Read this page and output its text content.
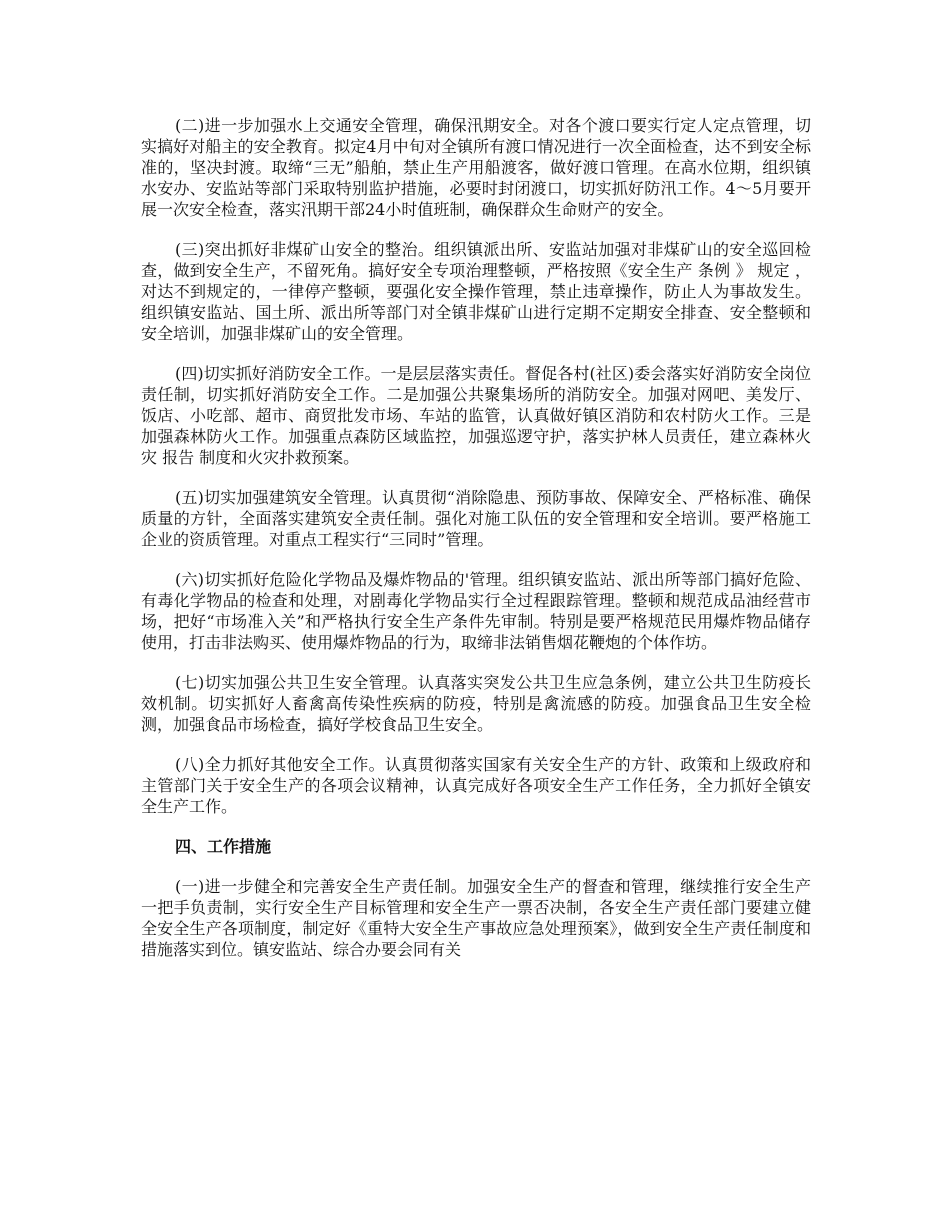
(二)进一步加强水上交通安全管理，确保汛期安全。对各个渡口要实行定人定点管理，切实搞好对船主的安全教育。拟定4月中旬对全镇所有渡口情况进行一次全面检查，达不到安全标准的，坚决封渡。取缔“三无”船舶，禁止生产用船渡客，做好渡口管理。在高水位期，组织镇水安办、安监站等部门采取特别监护措施，必要时封闭渡口，切实抓好防汛工作。4～5月要开展一次安全检查，落实汛期干部24小时值班制，确保群众生命财产的安全。

(三)突出抓好非煤矿山安全的整治。组织镇派出所、安监站加强对非煤矿山的安全巡回检查，做到安全生产，不留死角。搞好安全专项治理整顿，严格按照《安全生产 条例 》 规定 ，对达不到规定的，一律停产整顿，要强化安全操作管理，禁止违章操作，防止人为事故发生。组织镇安监站、国土所、派出所等部门对全镇非煤矿山进行定期不定期安全排查、安全整顿和安全培训，加强非煤矿山的安全管理。

(四)切实抓好消防安全工作。一是层层落实责任。督促各村(社区)委会落实好消防安全岗位责任制，切实抓好消防安全工作。二是加强公共聚集场所的消防安全。加强对网吧、美发厅、饭店、小吃部、超市、商贸批发市场、车站的监管，认真做好镇区消防和农村防火工作。三是加强森林防火工作。加强重点森防区域监控，加强巡逻守护，落实护林人员责任，建立森林火灾 报告 制度和火灾扑救预案。

(五)切实加强建筑安全管理。认真贯彻“消除隐患、预防事故、保障安全、严格标准、确保质量的方针，全面落实建筑安全责任制。强化对施工队伍的安全管理和安全培训。要严格施工企业的资质管理。对重点工程实行“三同时”管理。

(六)切实抓好危险化学物品及爆炸物品的'管理。组织镇安监站、派出所等部门搞好危险、有毒化学物品的检查和处理，对剧毒化学物品实行全过程跟踪管理。整顿和规范成品油经营市场，把好“市场准入关”和严格执行安全生产条件先审制。特别是要严格规范民用爆炸物品储存使用，打击非法购买、使用爆炸物品的行为，取缔非法销售烟花鞭炮的个体作坊。

(七)切实加强公共卫生安全管理。认真落实突发公共卫生应急条例，建立公共卫生防疫长效机制。切实抓好人畜禽高传染性疾病的防疫，特别是禽流感的防疫。加强食品卫生安全检测，加强食品市场检查，搞好学校食品卫生安全。

(八)全力抓好其他安全工作。认真贯彻落实国家有关安全生产的方针、政策和上级政府和主管部门关于安全生产的各项会议精神，认真完成好各项安全生产工作任务，全力抓好全镇安全生产工作。

四、工作措施

(一)进一步健全和完善安全生产责任制。加强安全生产的督查和管理，继续推行安全生产一把手负责制，实行安全生产目标管理和安全生产一票否决制，各安全生产责任部门要建立健全安全生产各项制度，制定好《重特大安全生产事故应急处理预案》，做到安全生产责任制度和措施落实到位。镇安监站、综合办要会同有关
